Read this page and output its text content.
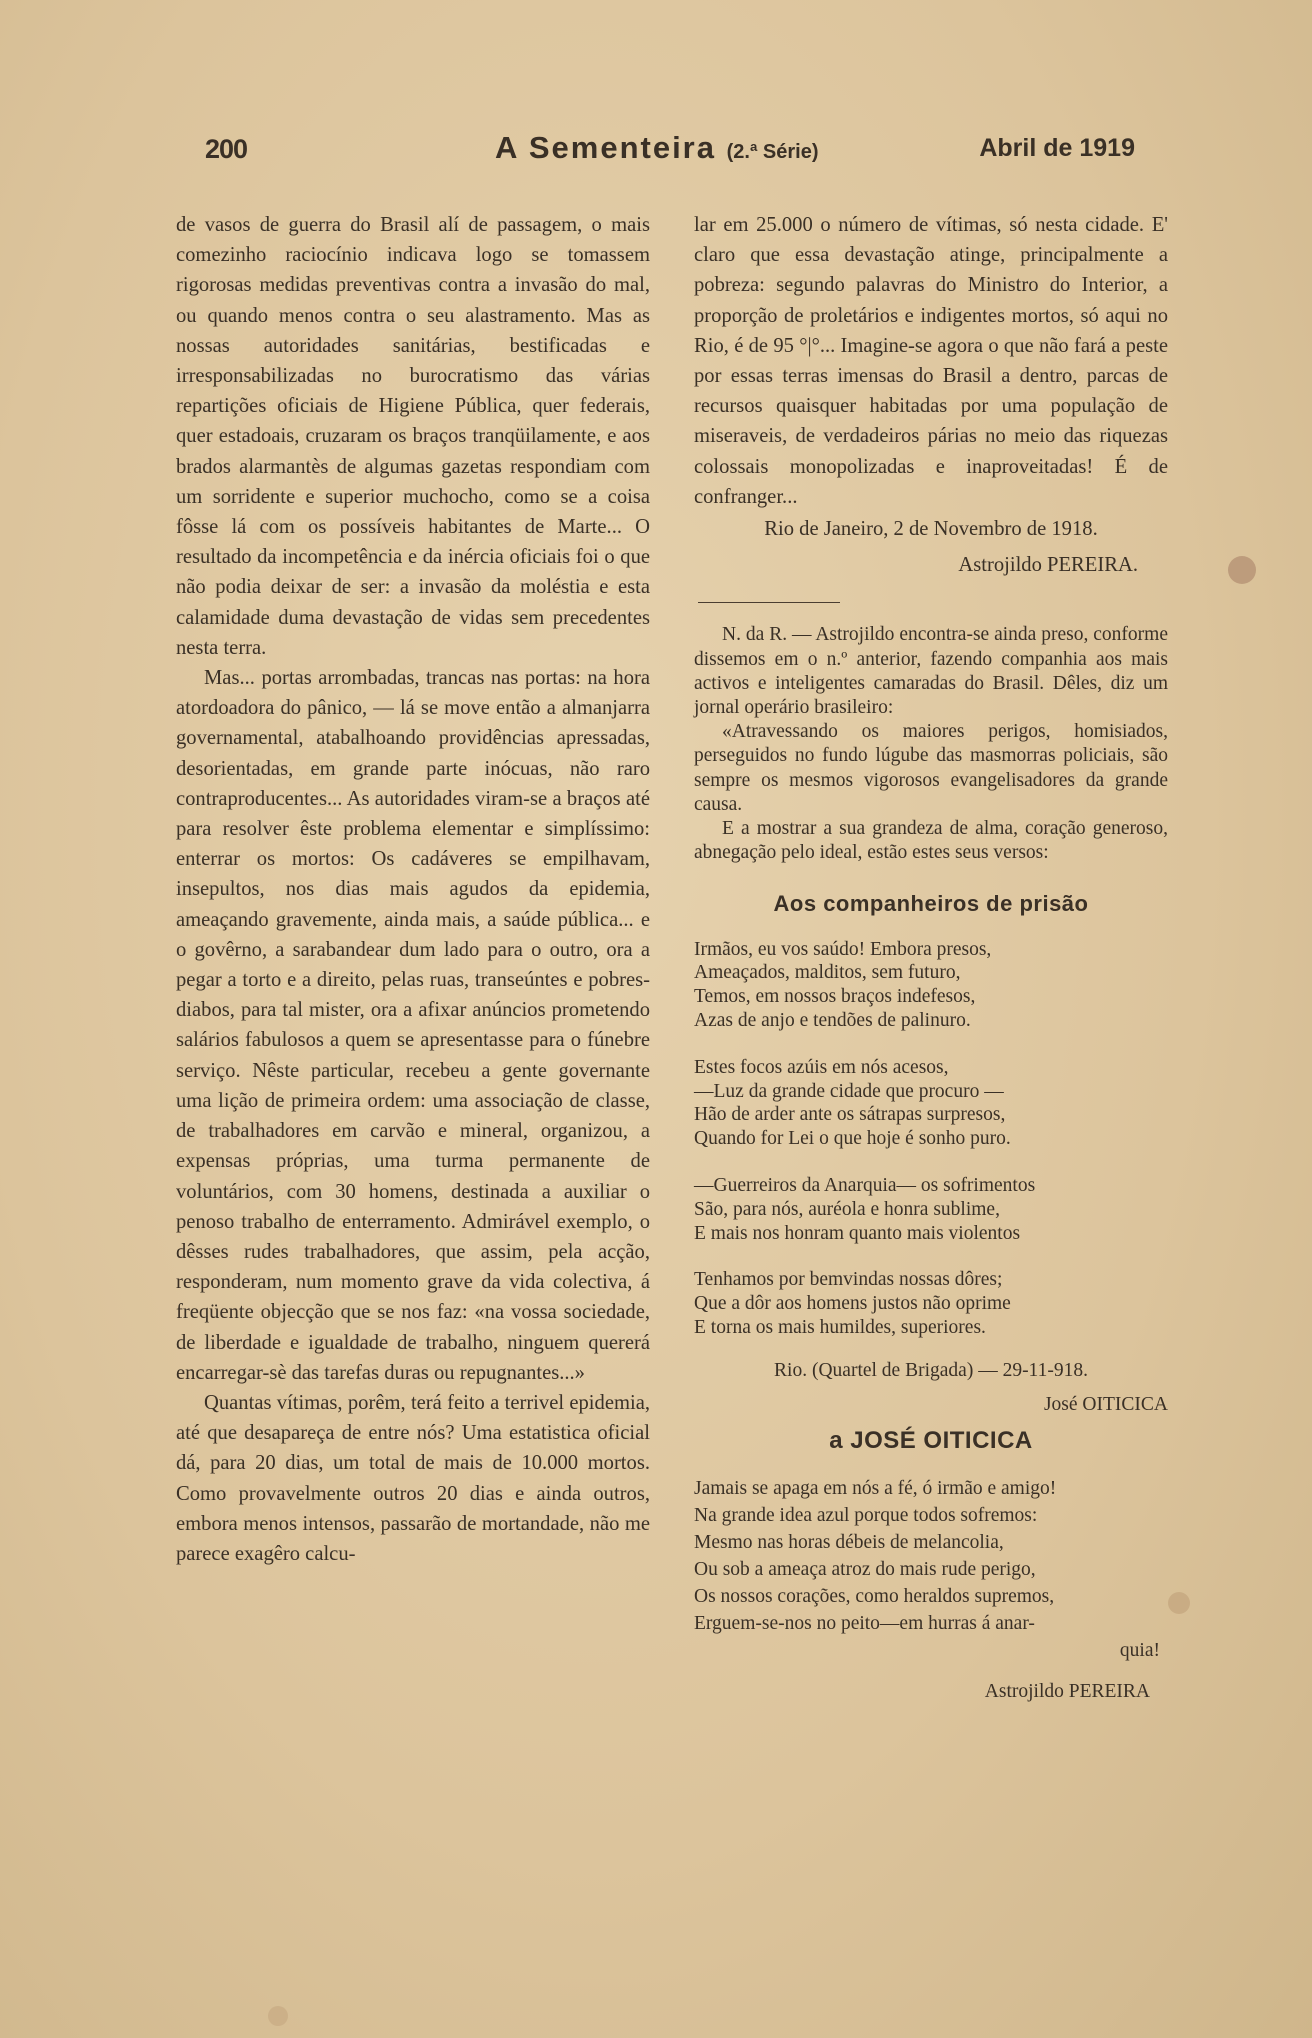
200	A Sementeira (2.ª Série)	Abril de 1919

de vasos de guerra do Brasil alí de passagem, o mais comezinho raciocínio indicava logo se tomassem rigorosas medidas preventivas contra a invasão do mal, ou quando menos contra o seu alastramento. Mas as nossas autoridades sanitárias, bestificadas e irresponsabilizadas no burocratismo das várias repartições oficiais de Higiene Pública, quer federais, quer estadoais, cruzaram os braços tranqüilamente, e aos brados alarmantès de algumas gazetas respondiam com um sorridente e superior muchocho, como se a coisa fôsse lá com os possíveis habitantes de Marte... O resultado da incompetência e da inércia oficiais foi o que não podia deixar de ser: a invasão da moléstia e esta calamidade duma devastação de vidas sem precedentes nesta terra.

Mas... portas arrombadas, trancas nas portas: na hora atordoadora do pânico, — lá se move então a almanjarra governamental, atabalhoando providências apressadas, desorientadas, em grande parte inócuas, não raro contraproducentes... As autoridades viram-se a braços até para resolver êste problema elementar e simplíssimo: enterrar os mortos: Os cadáveres se empilhavam, insepultos, nos dias mais agudos da epidemia, ameaçando gravemente, ainda mais, a saúde pública... e o govêrno, a sarabandear dum lado para o outro, ora a pegar a torto e a direito, pelas ruas, transeúntes e pobres-diabos, para tal mister, ora a afixar anúncios prometendo salários fabulosos a quem se apresentasse para o fúnebre serviço. Nêste particular, recebeu a gente governante uma lição de primeira ordem: uma associação de classe, de trabalhadores em carvão e mineral, organizou, a expensas próprias, uma turma permanente de voluntários, com 30 homens, destinada a auxiliar o penoso trabalho de enterramento. Admirável exemplo, o dêsses rudes trabalhadores, que assim, pela acção, responderam, num momento grave da vida colectiva, á freqüente objecção que se nos faz: «na vossa sociedade, de liberdade e igualdade de trabalho, ninguem quererá encarregar-sè das tarefas duras ou repugnantes...»

Quantas vítimas, porêm, terá feito a terrivel epidemia, até que desapareça de entre nós? Uma estatistica oficial dá, para 20 dias, um total de mais de 10.000 mortos. Como provavelmente outros 20 dias e ainda outros, embora menos intensos, passarão de mortandade, não me parece exagêro calcu-

lar em 25.000 o número de vítimas, só nesta cidade. E' claro que essa devastação atinge, principalmente a pobreza: segundo palavras do Ministro do Interior, a proporção de proletários e indigentes mortos, só aqui no Rio, é de 95 °|°... Imagine-se agora o que não fará a peste por essas terras imensas do Brasil a dentro, parcas de recursos quaisquer habitadas por uma população de miseraveis, de verdadeiros párias no meio das riquezas colossais monopolizadas e inaproveitadas! É de confranger...

Rio de Janeiro, 2 de Novembro de 1918.

Astrojildo PEREIRA.

N. da R. — Astrojildo encontra-se ainda preso, conforme dissemos em o n.º anterior, fazendo companhia aos mais activos e inteligentes camaradas do Brasil. Dêles, diz um jornal operário brasileiro:

«Atravessando os maiores perigos, homisiados, perseguidos no fundo lúgube das masmorras policiais, são sempre os mesmos vigorosos evangelisadores da grande causa.

E a mostrar a sua grandeza de alma, coração generoso, abnegação pelo ideal, estão estes seus versos:

Aos companheiros de prisão
Irmãos, eu vos saúdo! Embora presos,
Ameaçados, malditos, sem futuro,
Temos, em nossos braços indefesos,
Azas de anjo e tendões de palinuro.
Estes focos azúis em nós acesos,
—Luz da grande cidade que procuro —
Hão de arder ante os sátrapas surpresos,
Quando for Lei o que hoje é sonho puro.
—Guerreiros da Anarquia— os sofrimentos
São, para nós, auréola e honra sublime,
E mais nos honram quanto mais violentos
Tenhamos por bemvindas nossas dôres;
Que a dôr aos homens justos não oprime
E torna os mais humildes, superiores.
Rio. (Quartel de Brigada) — 29-11-918.
José OITICICA
a JOSÉ OITICICA
Jamais se apaga em nós a fé, ó irmão e amigo!
Na grande idea azul porque todos sofremos:
Mesmo nas horas débeis de melancolia,
Ou sob a ameaça atroz do mais rude perigo,
Os nossos corações, como heraldos supremos,
Erguem-se-nos no peito—em hurras á anar-
quia!
Astrojildo PEREIRA
